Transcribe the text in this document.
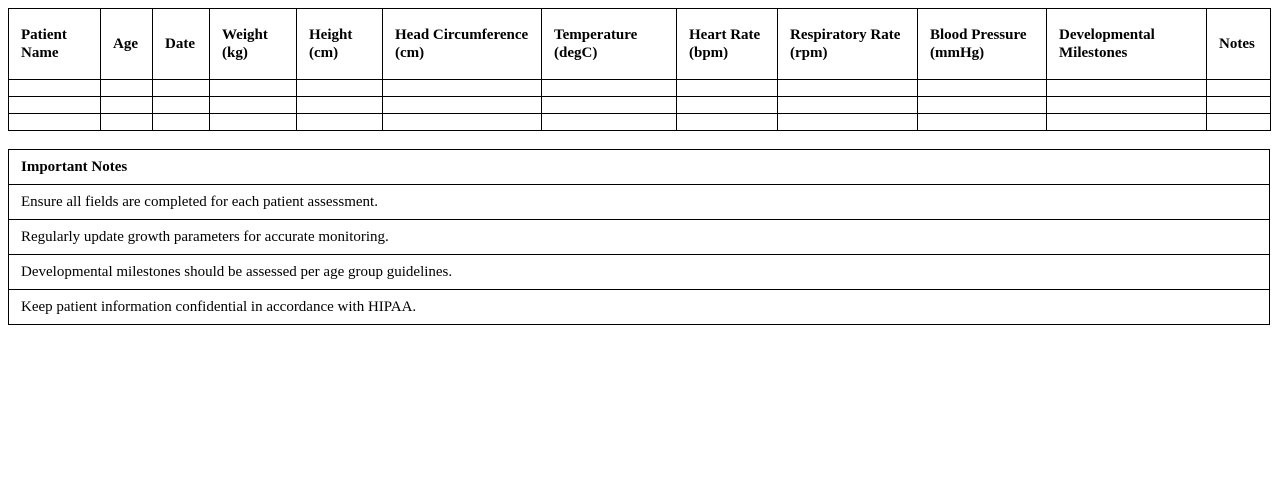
Patient Name	Age	Date	Weight (kg)	Height (cm)	Head Circumference (cm)	Temperature (degC)	Heart Rate (bpm)	Respiratory Rate (rpm)	Blood Pressure (mmHg)	Developmental Milestones	Notes

Important Notes
Ensure all fields are completed for each patient assessment.
Regularly update growth parameters for accurate monitoring.
Developmental milestones should be assessed per age group guidelines.
Keep patient information confidential in accordance with HIPAA.
